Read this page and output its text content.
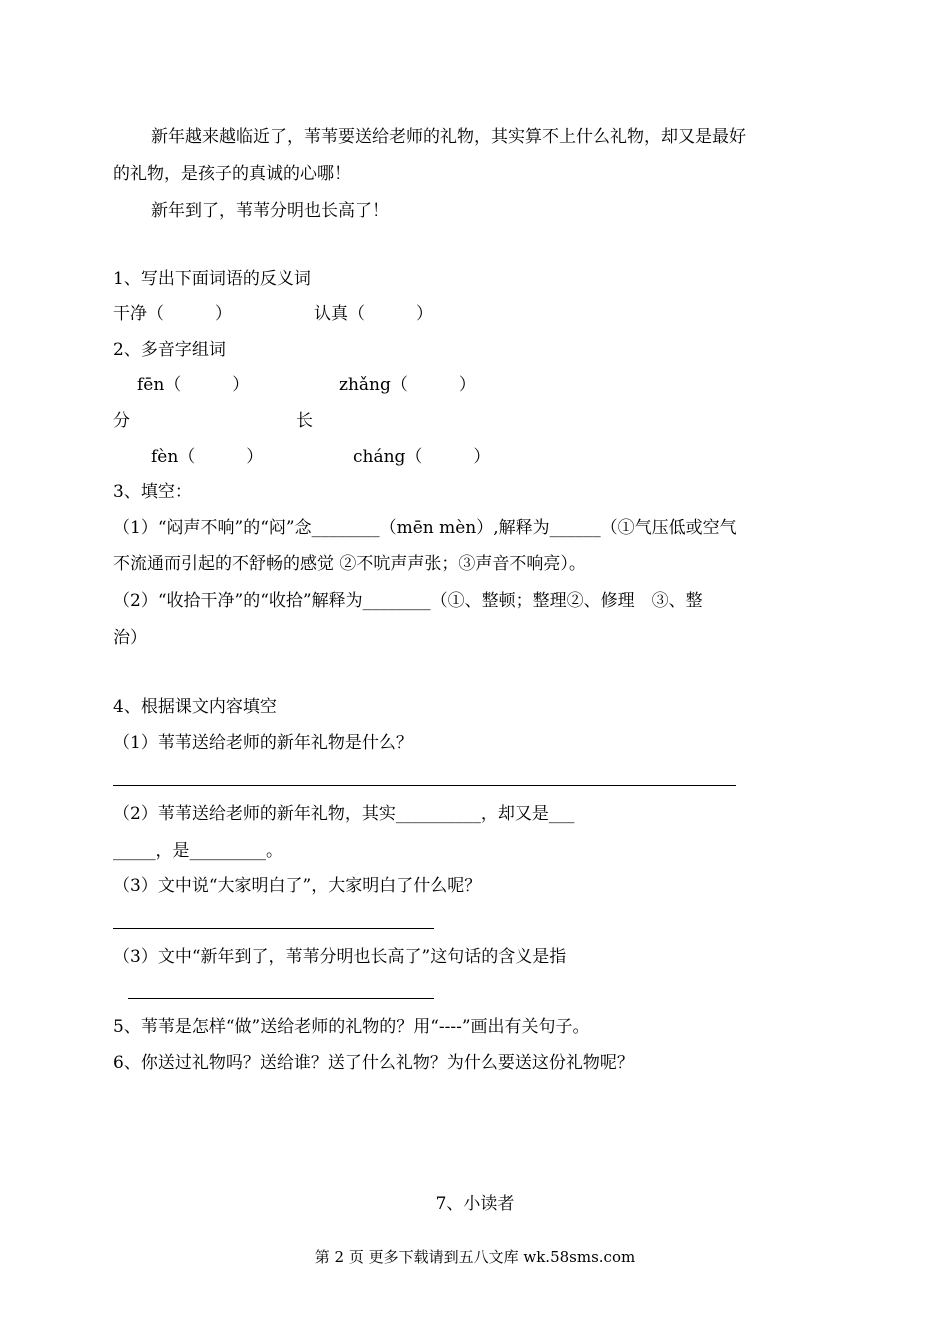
新年越来越临近了，苇苇要送给老师的礼物，其实算不上什么礼物，却又是最好
的礼物，是孩子的真诚的心哪！
新年到了，苇苇分明也长高了！
1、写出下面词语的反义词
干净（　　　）	认真（　　　）
2、多音字组词
fēn（　　　）	zhǎng（　　　）
分	长
fèn（　　　）	cháng（　　　）
3、填空：
（1）“闷声不响”的“闷”念________（mēn mèn）,解释为______（①气压低或空气
不流通而引起的不舒畅的感觉 ②不吭声声张；③声音不响亮）。
（2）“收拾干净”的“收拾”解释为________（①、整顿；整理②、修理　③、整
治）
4、根据课文内容填空
（1）苇苇送给老师的新年礼物是什么？
（2）苇苇送给老师的新年礼物，其实__________，却又是___
_____，是_________。
（3）文中说“大家明白了”，大家明白了什么呢？
（3）文中“新年到了，苇苇分明也长高了”这句话的含义是指
5、苇苇是怎样“做”送给老师的礼物的？用“----”画出有关句子。
6、你送过礼物吗？送给谁？送了什么礼物？为什么要送这份礼物呢？
7、小读者
第 2 页 更多下载请到五八文库 wk.58sms.com
